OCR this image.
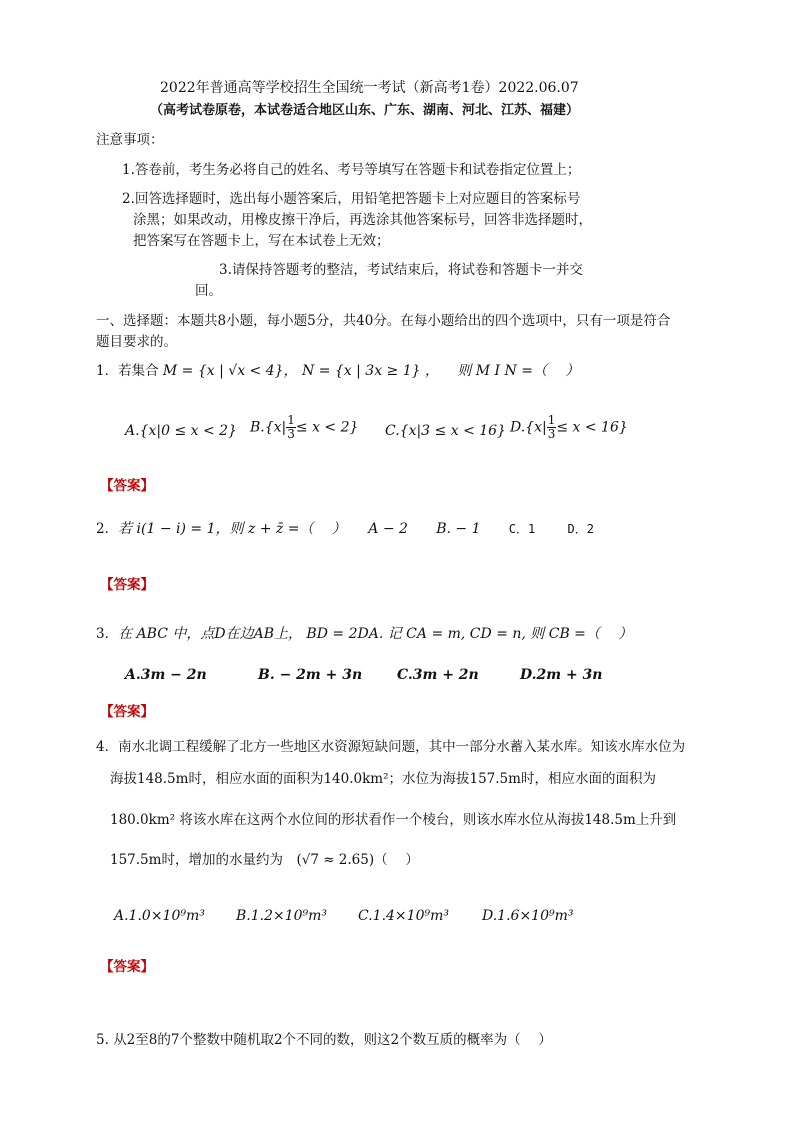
2022年普通高等学校招生全国统一考试（新高考1卷）2022.06.07
（高考试卷原卷，本试卷适合地区山东、广东、湖南、河北、江苏、福建）
注意事项：
1.答卷前，考生务必将自己的姓名、考号等填写在答题卡和试卷指定位置上；
2.回答选择题时，选出每小题答案后，用铅笔把答题卡上对应题目的答案标号
涂黑；如果改动，用橡皮擦干净后，再选涂其他答案标号，回答非选择题时，
把答案写在答题卡上，写在本试卷上无效；
3.请保持答题考的整洁，考试结束后，将试卷和答题卡一并交
回。
一、选择题：本题共8小题，每小题5分，共40分。在每小题给出的四个选项中，只有一项是符合
题目要求的。
1．若集合 M = {x | √x < 4}， N = {x | 3x ≥ 1} ， 则 M I N =（　 ）
A.{x|0 ≤ x < 2} $B.\{x| \frac{1}{3} \le x < 2\}$ C.{x|3 ≤ x < 16} $D.\{x| \frac{1}{3} \le x < 16\}$
【答案】
2．若 i(1 − i) = 1，则 z + z̄ =（　 ） A − 2 B. − 1 C．1	D．2
【答案】
3．在 ABC 中，点D在边AB上， BD = 2DA. 记 CA = m, CD = n, 则 CB =（　 ）
A.3m − 2n	B. − 2m + 3n C.3m + 2n	D.2m + 3n
【答案】
4．南水北调工程缓解了北方一些地区水资源短缺问题，其中一部分水蓄入某水库。知该水库水位为
海拔148.5m时，相应水面的面积为140.0km²；水位为海拔157.5m时，相应水面的面积为
180.0km² 将该水库在这两个水位间的形状看作一个棱台，则该水库水位从海拔148.5m上升到
157.5m时，增加的水量约为　(√7 ≈ 2.65)（　 ）
A.1.0×10⁹m³ B.1.2×10⁹m³ C.1.4×10⁹m³ D.1.6×10⁹m³
【答案】
5. 从2至8的7个整数中随机取2个不同的数，则这2个数互质的概率为（　 ）
